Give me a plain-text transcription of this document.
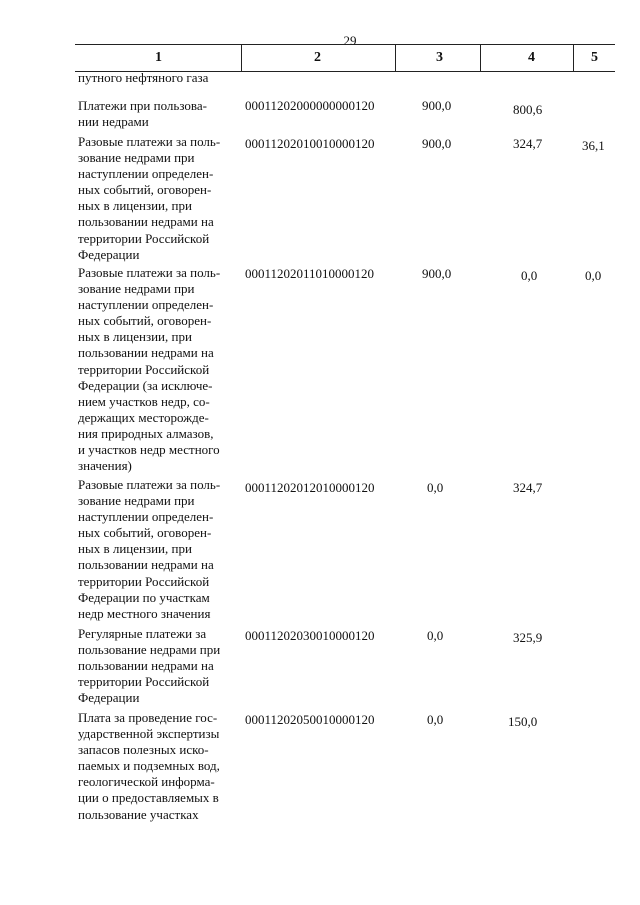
29
1	2	3	4	5
путного нефтяного газа
Платежи при пользова-
нии недрами
00011202000000000120	900,0	800,6
Разовые платежи за поль-
зование недрами при
наступлении определен-
ных событий, оговорен-
ных в лицензии, при
пользовании недрами на
территории Российской
Федерации
00011202010010000120	900,0	324,7	36,1
Разовые платежи за поль-
зование недрами при
наступлении определен-
ных событий, оговорен-
ных в лицензии, при
пользовании недрами на
территории Российской
Федерации (за исключе-
нием участков недр, со-
держащих месторожде-
ния природных алмазов,
и участков недр местного
значения)
00011202011010000120	900,0	0,0	0,0
Разовые платежи за поль-
зование недрами при
наступлении определен-
ных событий, оговорен-
ных в лицензии, при
пользовании недрами на
территории Российской
Федерации по участкам
недр местного значения
00011202012010000120	0,0	324,7
Регулярные платежи за
пользование недрами при
пользовании недрами на
территории Российской
Федерации
00011202030010000120	0,0	325,9
Плата за проведение гос-
ударственной экспертизы
запасов полезных иско-
паемых и подземных вод,
геологической информа-
ции о предоставляемых в
пользование участках
00011202050010000120	0,0	150,0
